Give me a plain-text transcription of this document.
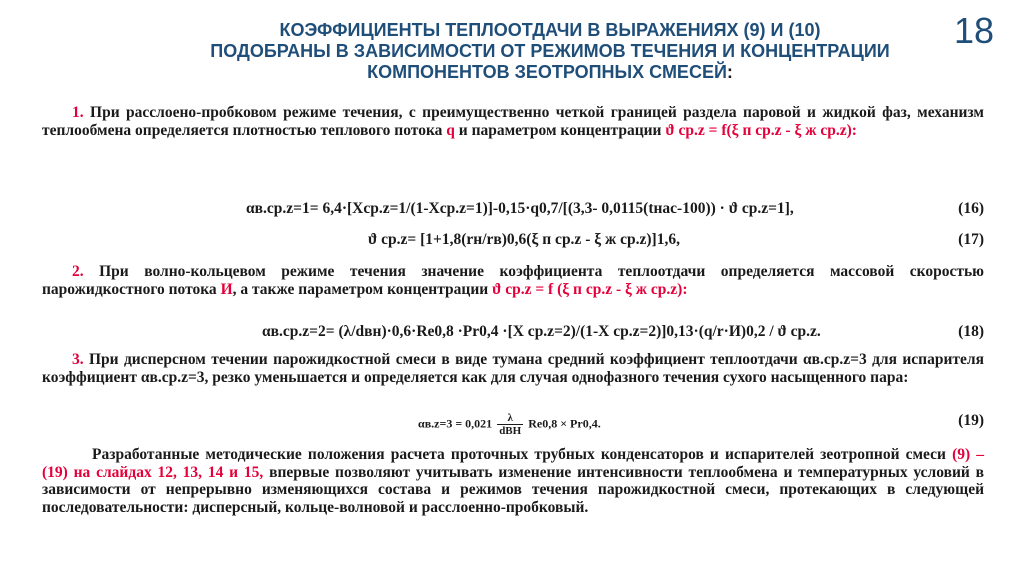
18
КОЭФФИЦИЕНТЫ ТЕПЛООТДАЧИ В ВЫРАЖЕНИЯХ (9) И (10)
ПОДОБРАНЫ В ЗАВИСИМОСТИ ОТ РЕЖИМОВ ТЕЧЕНИЯ И КОНЦЕНТРАЦИИ
КОМПОНЕНТОВ ЗЕОТРОПНЫХ СМЕСЕЙ:
1. При расслоено-пробковом режиме течения, с преимущественно четкой границей раздела паровой и жидкой фаз, механизм теплообмена определяется плотностью теплового потока q и параметром концентрации ϑ ср.z = f(ξ п ср.z - ξ ж ср.z):
αв.ср.z=1= 6,4·[Xср.z=1/(1-Xср.z=1)]-0,15·q0,7/[(3,3- 0,0115(tнас-100)) · ϑ ср.z=1],	(16)
ϑ ср.z= [1+1,8(rн/rв)0,6(ξ п ср.z - ξ ж ср.z)]1,6,	(17)
2. При волно-кольцевом режиме течения значение коэффициента теплоотдачи определяется массовой скоростью парожидкостного потока И, а также параметром концентрации ϑ ср.z = f (ξ п ср.z - ξ ж ср.z):
αв.ср.z=2= (λ/dвн)·0,6·Re0,8 ·Pr0,4 ·[X ср.z=2)/(1-X ср.z=2)]0,13·(q/r·И)0,2 / ϑ ср.z.	(18)
3. При дисперсном течении парожидкостной смеси в виде тумана средний коэффициент теплоотдачи αв.ср.z=3 для испарителя коэффициент αв.ср.z=3, резко уменьшается и определяется как для случая однофазного течения сухого насыщенного пара:
$\alpha в.z=3 = 0,021 \frac{\lambda}{\text{dВН}} Re0,8 \times Pr0,4$.	(19)
Разработанные методические положения расчета проточных трубных конденсаторов и испарителей зеотропной смеси (9) – (19) на слайдах 12, 13, 14 и 15, впервые позволяют учитывать изменение интенсивности теплообмена и температурных условий в зависимости от непрерывно изменяющихся состава и режимов течения парожидкостной смеси, протекающих в следующей последовательности: дисперсный, кольце-волновой и расслоенно-пробковый.
